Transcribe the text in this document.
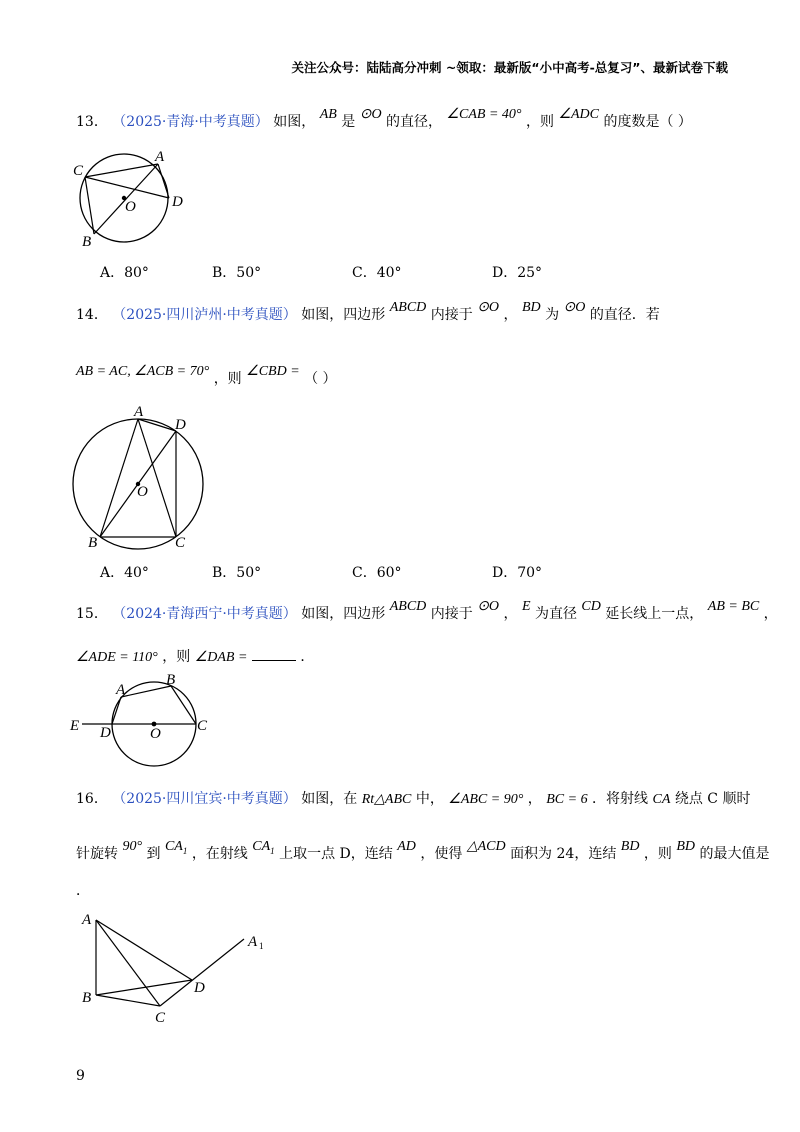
关注公众号：陆陆高分冲刺 ~领取：最新版“小中高考-总复习”、最新试卷下载
13． （2025·青海·中考真题） 如图， AB 是 ⊙O 的直径， ∠CAB = 40° ，则 ∠ADC 的度数是（ ）
C
A
D
O
B
A．80°	B．50°	C．40°	D．25°
14． （2025·四川泸州·中考真题） 如图，四边形 ABCD 内接于 ⊙O ， BD 为 ⊙O 的直径．若
AB = AC, ∠ACB = 70° ，则 ∠CBD = （ ）
A
D
O
B	C
A．40°	B．50°	C．60°	D．70°
15． （2024·青海西宁·中考真题） 如图，四边形 ABCD 内接于 ⊙O ， E 为直径 CD 延长线上一点， AB = BC ，
∠ADE = 110° ，则 ∠DAB =	．
A
B
E D	O C
16． （2025·四川宜宾·中考真题） 如图，在 Rt△ABC 中， ∠ABC = 90° ， BC = 6 ．将射线 CA 绕点 C 顺时
针旋转 90° 到 $CA_1$ ，在射线 $CA_1$ 上取一点 D，连结 AD ，使得 △ACD 面积为 24，连结 BD ，则 BD 的最大值是
．
A
A 1
B
D
C
9
